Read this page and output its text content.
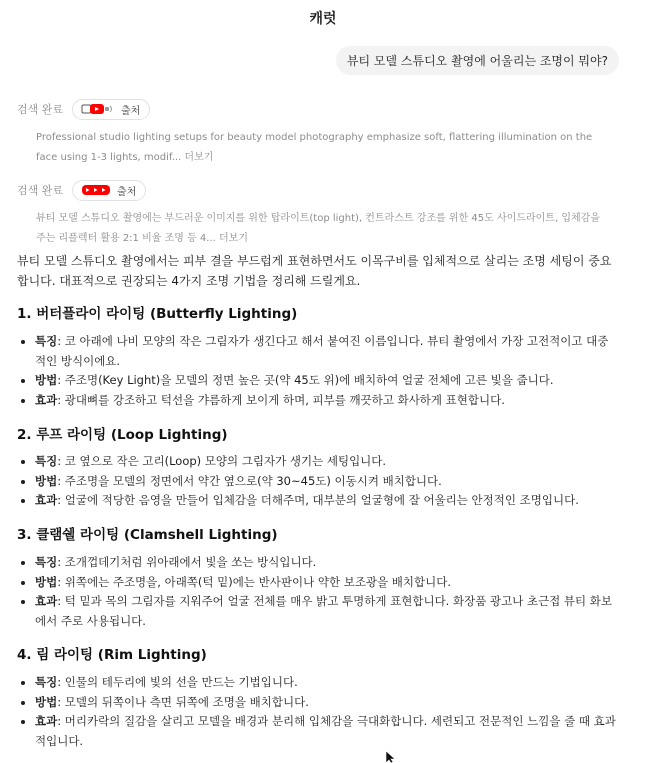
캐럿
뷰티 모델 스튜디오 촬영에 어울리는 조명이 뭐야?
검색 완료	출처
Professional studio lighting setups for beauty model photography emphasize soft, flattering illumination on the face using 1-3 lights, modif... 더보기
검색 완료	출처
뷰티 모델 스튜디오 촬영에는 부드러운 이미지를 위한 탑라이트(top light), 컨트라스트 강조를 위한 45도 사이드라이트, 입체감을 주는 리플렉터 활용 2:1 비율 조명 등 4... 더보기
뷰티 모델 스튜디오 촬영에서는 피부 결을 부드럽게 표현하면서도 이목구비를 입체적으로 살리는 조명 세팅이 중요합니다. 대표적으로 권장되는 4가지 조명 기법을 정리해 드릴게요.
1. 버터플라이 라이팅 (Butterfly Lighting)
특징: 코 아래에 나비 모양의 작은 그림자가 생긴다고 해서 붙여진 이름입니다. 뷰티 촬영에서 가장 고전적이고 대중적인 방식이에요.
방법: 주조명(Key Light)을 모델의 정면 높은 곳(약 45도 위)에 배치하여 얼굴 전체에 고른 빛을 줍니다.
효과: 광대뼈를 강조하고 턱선을 갸름하게 보이게 하며, 피부를 깨끗하고 화사하게 표현합니다.
2. 루프 라이팅 (Loop Lighting)
특징: 코 옆으로 작은 고리(Loop) 모양의 그림자가 생기는 세팅입니다.
방법: 주조명을 모델의 정면에서 약간 옆으로(약 30~45도) 이동시켜 배치합니다.
효과: 얼굴에 적당한 음영을 만들어 입체감을 더해주며, 대부분의 얼굴형에 잘 어울리는 안정적인 조명입니다.
3. 클램쉘 라이팅 (Clamshell Lighting)
특징: 조개껍데기처럼 위아래에서 빛을 쏘는 방식입니다.
방법: 위쪽에는 주조명을, 아래쪽(턱 밑)에는 반사판이나 약한 보조광을 배치합니다.
효과: 턱 밑과 목의 그림자를 지워주어 얼굴 전체를 매우 밝고 투명하게 표현합니다. 화장품 광고나 초근접 뷰티 화보에서 주로 사용됩니다.
4. 림 라이팅 (Rim Lighting)
특징: 인물의 테두리에 빛의 선을 만드는 기법입니다.
방법: 모델의 뒤쪽이나 측면 뒤쪽에 조명을 배치합니다.
효과: 머리카락의 질감을 살리고 모델을 배경과 분리해 입체감을 극대화합니다. 세련되고 전문적인 느낌을 줄 때 효과적입니다.
